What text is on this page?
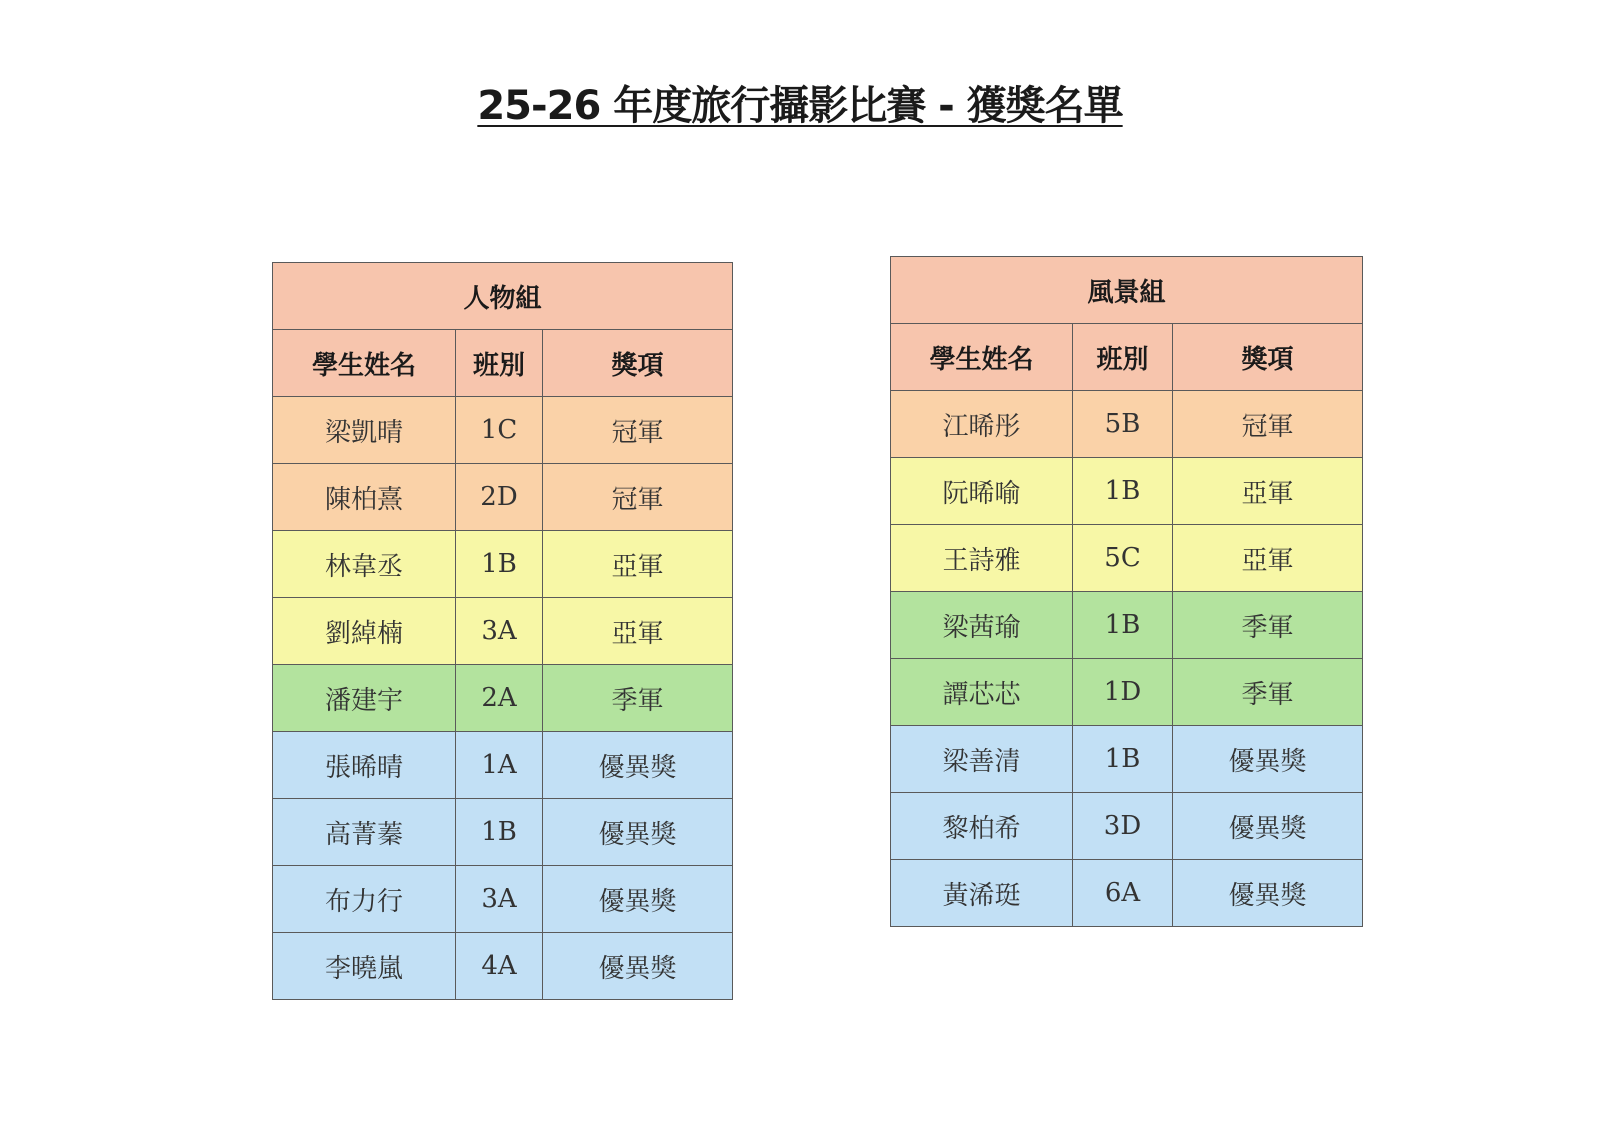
25-26 年度旅行攝影比賽 - 獲獎名單
人物組		
學生姓名	班別	獎項
梁凱晴	1C	冠軍
陳柏熹	2D	冠軍
林韋丞	1B	亞軍
劉綽楠	3A	亞軍
潘建宇	2A	季軍
張晞晴	1A	優異獎
高菁蓁	1B	優異獎
布力行	3A	優異獎
李曉嵐	4A	優異獎
風景組		
學生姓名	班別	獎項
江晞彤	5B	冠軍
阮晞喻	1B	亞軍
王詩雅	5C	亞軍
梁茜瑜	1B	季軍
譚芯芯	1D	季軍
梁善清	1B	優異獎
黎柏希	3D	優異獎
黃浠珽	6A	優異獎
